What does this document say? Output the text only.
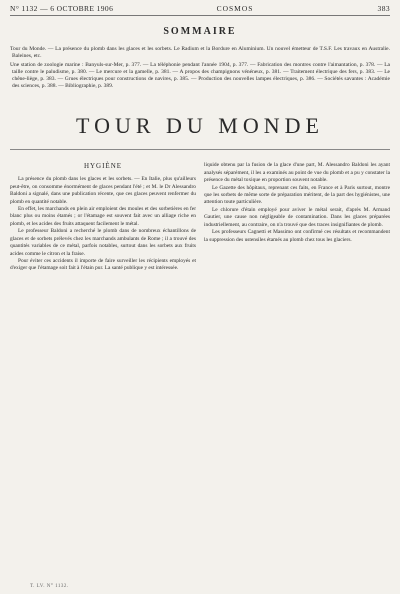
N° 1132 — 6 OCTOBRE 1906	COSMOS	383
SOMMAIRE

Tour du Monde. — La présence du plomb dans les glaces et les sorbets. Le Radium et la Bordure en Aluminium. Un nouvel émetteur de T.S.F. Les travaux en Australie. Baleines, etc.

Une station de zoologie marine : Banyuls-sur-Mer, p. 377. — La téléphonie pendant l'année 1904, p. 377. — Fabrication des montres contre l'aimantation, p. 378. — La taille contre le paludisme, p. 380. — Le mercure et la gamelle, p. 381. — A propos des champignons vénéneux, p. 381. — Traitement électrique des fers, p. 383. — Le chêne-liège, p. 383. — Grues électriques pour constructions de navires, p. 385. — Production des nouvelles lampes électriques, p. 386. — Sociétés savantes : Académie des sciences, p. 388. — Bibliographie, p. 389.

TOUR DU MONDE
HYGIÈNE

La présence du plomb dans les glaces et les sorbets. — En Italie, plus qu'ailleurs peut-être, on consomme énormément de glaces pendant l'été ; et M. le Dr Alessandro Baldoni a signalé, dans une publication récente, que ces glaces peuvent renfermer du plomb en quantité notable.

En effet, les marchands en plein air emploient des moules et des sorbetières en fer blanc plus ou moins étamés ; or l'étamage est souvent fait avec un alliage riche en plomb, et les acides des fruits attaquent facilement le métal.

Le professeur Baldoni a recherché le plomb dans de nombreux échantillons de glaces et de sorbets prélevés chez les marchands ambulants de Rome ; il a trouvé des quantités variables de ce métal, parfois notables, surtout dans les sorbets aux fruits acides comme le citron et la fraise.

Pour éviter ces accidents il importe de faire surveiller les récipients employés et d'exiger que l'étamage soit fait à l'étain pur. La santé publique y est intéressée.

liquide obtenu par la fusion de la glace d'une part, M. Alessandro Baldoni les ayant analysés séparément, il les a examinés au point de vue du plomb et a pu y constater la présence du métal toxique en proportion souvent notable.

Le Gazette des hôpitaux, reprenant ces faits, en France et à Paris surtout, montre que les sorbets de même sorte de préparation méritent, de la part des hygiénistes, une attention toute particulière.

Le chlorure d'étain employé pour aviver le métal serait, d'après M. Armand Gautier, une cause non négligeable de contamination. Dans les glaces préparées industriellement, au contraire, on n'a trouvé que des traces insignifiantes de plomb.

Les professeurs Cagnetti et Massimo ont confirmé ces résultats et recommandent la suppression des ustensiles étamés au plomb chez tous les glaciers.

T. LV. N° 1132.
